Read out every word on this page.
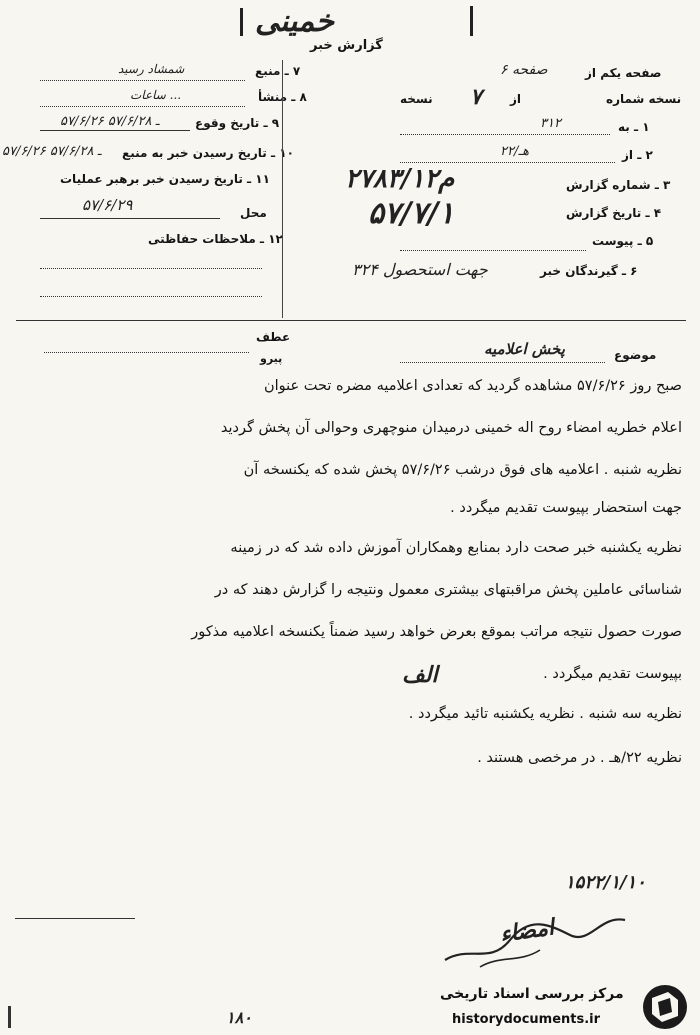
خمینی
گزارش خبر
۷ ـ منبع
شمشاد رسید
۸ ـ منشأ
ساعات ...
۹ ـ تاریخ وقوع
۵۷/۶/۲۶ ـ ۵۷/۶/۲۸
۱۰ ـ تاریخ رسیدن خبر به منبع
۵۷/۶/۲۶ ـ ۵۷/۶/۲۸
۱۱ ـ تاریخ رسیدن خبر برهبر عملیات
محل
۵۷/۶/۲۹
۱۲ ـ ملاحظات حفاظتی
صفحه یکم از
۶ صفحه
نسخه شماره
از
۷
نسخه
۱ ـ به
۳۱۲
۲ ـ از
۲۲/هـ
۳ ـ شماره گزارش
۲۷۸۳/۱۲م
۴ ـ تاریخ گزارش
۵۷/۷/۱
۵ ـ پیوست
۶ ـ گیرندگان خبر
۳۲۴ جهت استحصول
موضوع
پخش اعلامیه
عطف
پیرو
صبح روز ۵۷/۶/۲۶ مشاهده گردید که تعدادی اعلامیه مضره تحت عنوان
اعلام خطریه امضاء روح اله خمینی درمیدان منوچهری وحوالی آن پخش گردید
نظریه شنبه . اعلامیه های فوق درشب ۵۷/۶/۲۶ پخش شده که یکنسخه آن
جهت استحضار بپیوست تقدیم میگردد .
نظریه یکشنبه خبر صحت دارد بمنابع وهمکاران آموزش داده شد که در زمینه
شناسائی عاملین پخش مراقبتهای بیشتری معمول ونتیجه را گزارش دهند که در
صورت حصول نتیجه مراتب بموقع بعرض خواهد رسید ضمناً یکنسخه اعلامیه مذکور
بپیوست تقدیم میگردد .
الف
نظریه سه شنبه . نظریه یکشنبه تائید میگردد .
نظریه ۲۲/هـ . در مرخصی هستند .
۱۵۲۲/۱/۱۰
امضاء
۱۸۰
مرکز بررسی اسناد تاریخی
historydocuments.ir
